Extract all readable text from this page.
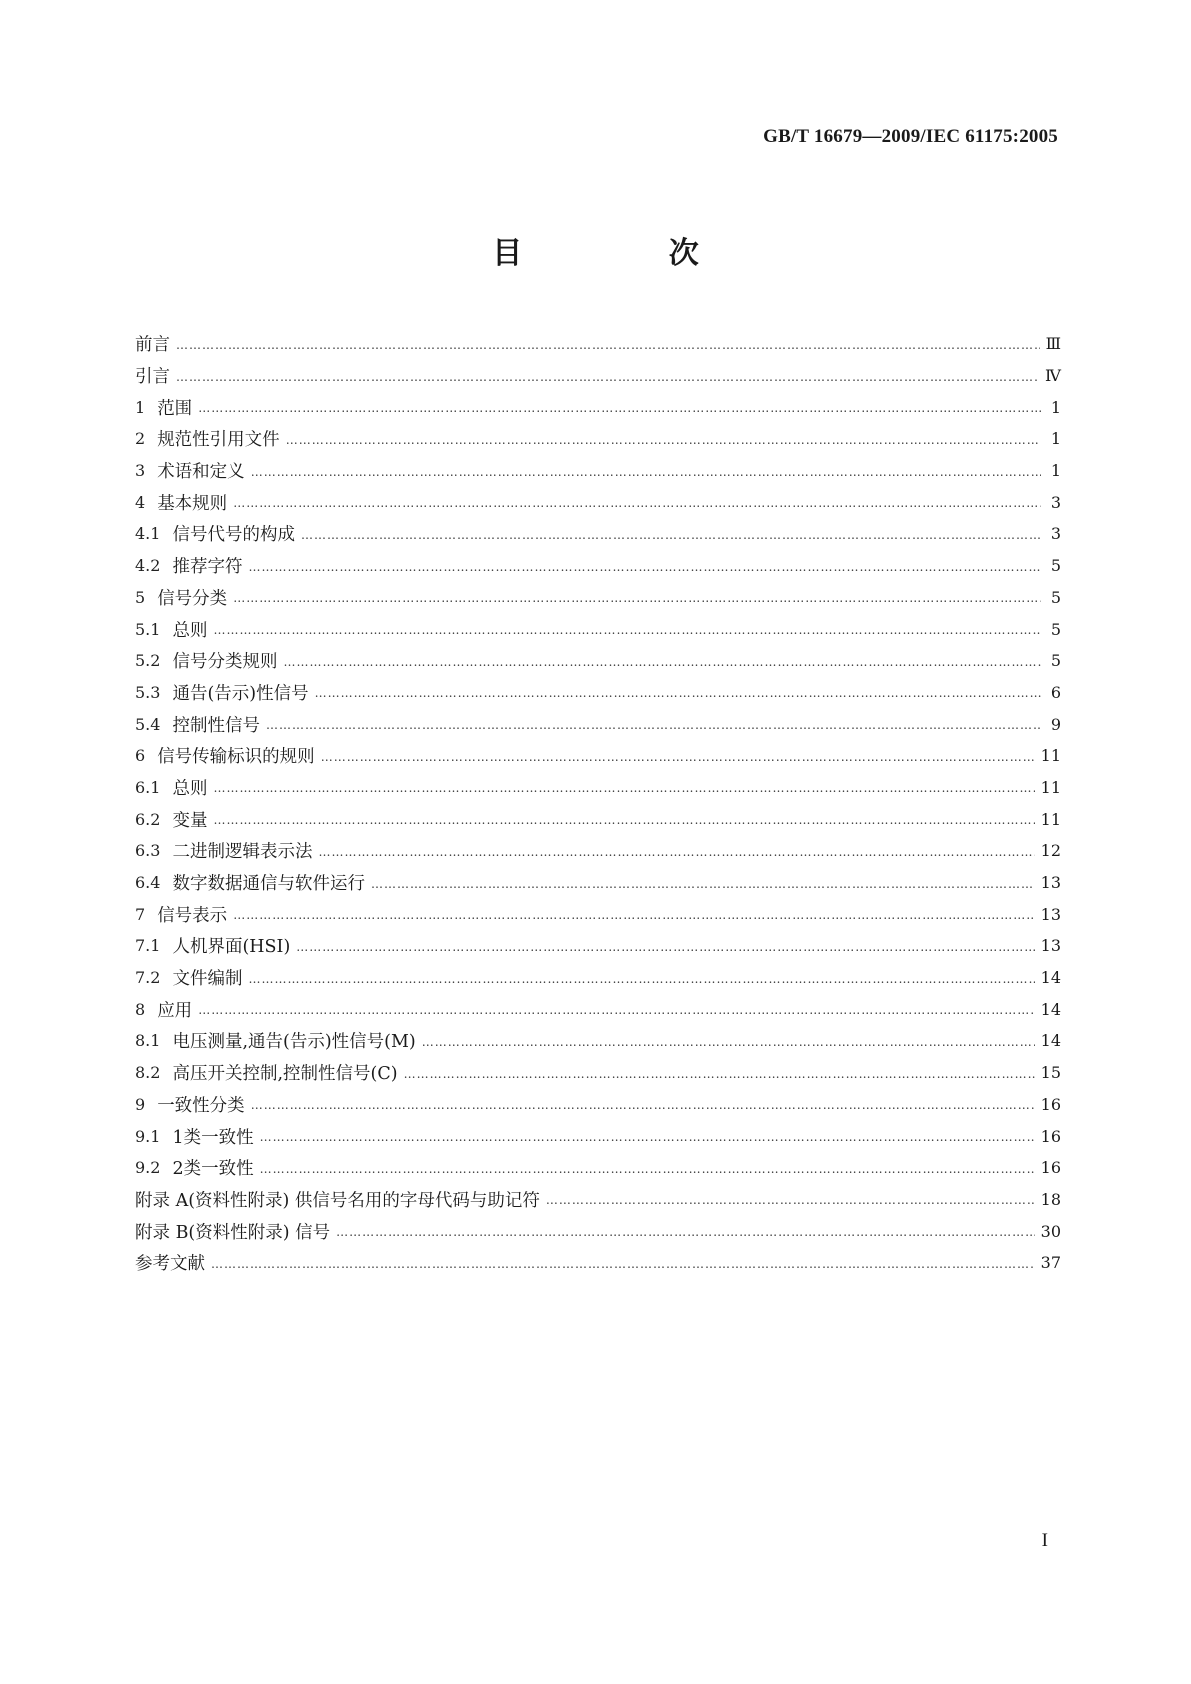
GB/T 16679—2009/IEC 61175:2005
目 次
前言 ……………………………………………………………………………………………………………………………………………………………………………………………………………………………………	Ⅲ
引言 ……………………………………………………………………………………………………………………………………………………………………………………………………………………………………	Ⅳ
1 范围 ……………………………………………………………………………………………………………………………………………………………………………………………………………………………………	1
2 规范性引用文件 ……………………………………………………………………………………………………………………………………………………………………………………………………………………………………	1
3 术语和定义 ……………………………………………………………………………………………………………………………………………………………………………………………………………………………………	1
4 基本规则 ……………………………………………………………………………………………………………………………………………………………………………………………………………………………………	3
4.1 信号代号的构成 ……………………………………………………………………………………………………………………………………………………………………………………………………………………………………	3
4.2 推荐字符 ……………………………………………………………………………………………………………………………………………………………………………………………………………………………………	5
5 信号分类 ……………………………………………………………………………………………………………………………………………………………………………………………………………………………………	5
5.1 总则 ……………………………………………………………………………………………………………………………………………………………………………………………………………………………………	5
5.2 信号分类规则 ……………………………………………………………………………………………………………………………………………………………………………………………………………………………………	5
5.3 通告(告示)性信号 ……………………………………………………………………………………………………………………………………………………………………………………………………………………………………	6
5.4 控制性信号 ……………………………………………………………………………………………………………………………………………………………………………………………………………………………………	9
6 信号传输标识的规则 ……………………………………………………………………………………………………………………………………………………………………………………………………………………………………	11
6.1 总则 ……………………………………………………………………………………………………………………………………………………………………………………………………………………………………	11
6.2 变量 ……………………………………………………………………………………………………………………………………………………………………………………………………………………………………	11
6.3 二进制逻辑表示法 ……………………………………………………………………………………………………………………………………………………………………………………………………………………………………	12
6.4 数字数据通信与软件运行 ……………………………………………………………………………………………………………………………………………………………………………………………………………………………………	13
7 信号表示 ……………………………………………………………………………………………………………………………………………………………………………………………………………………………………	13
7.1 人机界面(HSI) ……………………………………………………………………………………………………………………………………………………………………………………………………………………………………	13
7.2 文件编制 ……………………………………………………………………………………………………………………………………………………………………………………………………………………………………	14
8 应用 ……………………………………………………………………………………………………………………………………………………………………………………………………………………………………	14
8.1 电压测量,通告(告示)性信号(M) ……………………………………………………………………………………………………………………………………………………………………………………………………………………………………	14
8.2 高压开关控制,控制性信号(C) ……………………………………………………………………………………………………………………………………………………………………………………………………………………………………	15
9 一致性分类 ……………………………………………………………………………………………………………………………………………………………………………………………………………………………………	16
9.1 1类一致性 ……………………………………………………………………………………………………………………………………………………………………………………………………………………………………	16
9.2 2类一致性 ……………………………………………………………………………………………………………………………………………………………………………………………………………………………………	16
附录 A(资料性附录) 供信号名用的字母代码与助记符 ……………………………………………………………………………………………………………………………………………………………………………………………………………………………………	18
附录 B(资料性附录) 信号 ……………………………………………………………………………………………………………………………………………………………………………………………………………………………………	30
参考文献 ……………………………………………………………………………………………………………………………………………………………………………………………………………………………………	37
I
